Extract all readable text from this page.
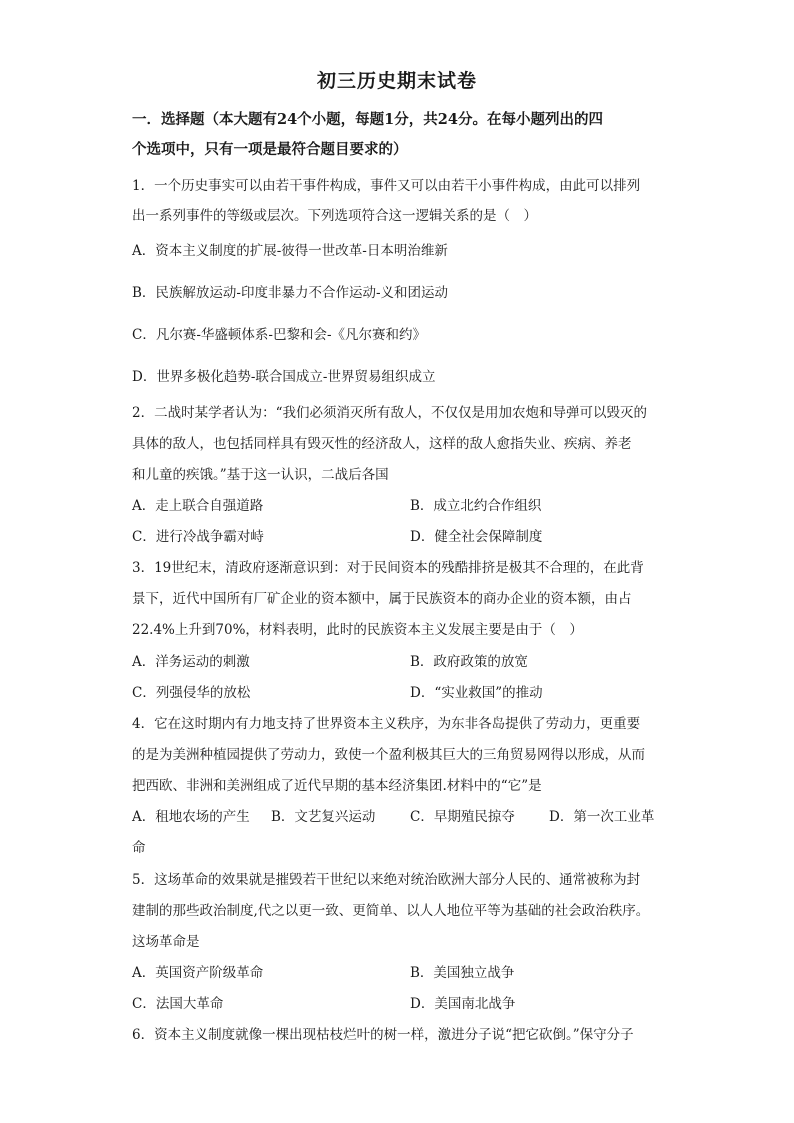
初三历史期末试卷
一．选择题（本大题有24个小题，每题1分，共24分。在每小题列出的四
个选项中，只有一项是最符合题目要求的）
1．一个历史事实可以由若干事件构成，事件又可以由若干小事件构成，由此可以排列
出一系列事件的等级或层次。下列选项符合这一逻辑关系的是（　）
A．资本主义制度的扩展-彼得一世改革-日本明治维新
B．民族解放运动-印度非暴力不合作运动-义和团运动
C．凡尔赛-华盛顿体系-巴黎和会-《凡尔赛和约》
D．世界多极化趋势-联合国成立-世界贸易组织成立
2．二战时某学者认为：“我们必须消灭所有敌人，不仅仅是用加农炮和导弹可以毁灭的
具体的敌人，也包括同样具有毁灭性的经济敌人，这样的敌人愈指失业、疾病、养老
和儿童的疾饿。”基于这一认识，二战后各国
A．走上联合自强道路	B．成立北约合作组织
C．进行冷战争霸对峙	D．健全社会保障制度
3．19世纪末，清政府逐渐意识到：对于民间资本的残酷排挤是极其不合理的，在此背
景下，近代中国所有厂矿企业的资本额中，属于民族资本的商办企业的资本额，由占
22.4%上升到70%，材料表明，此时的民族资本主义发展主要是由于（　）
A．洋务运动的刺激	B．政府政策的放宽
C．列强侵华的放松	D．“实业救国”的推动
4．它在这时期内有力地支持了世界资本主义秩序，为东非各岛提供了劳动力，更重要
的是为美洲种植园提供了劳动力，致使一个盈利极其巨大的三角贸易网得以形成，从而
把西欧、非洲和美洲组成了近代早期的基本经济集团.材料中的“它”是
A．租地农场的产生 B．文艺复兴运动	C．早期殖民掠夺	D．第一次工业革
命
5．这场革命的效果就是摧毁若干世纪以来绝对统治欧洲大部分人民的、通常被称为封
建制的那些政治制度,代之以更一致、更简单、以人人地位平等为基础的社会政治秩序。
这场革命是
A．英国资产阶级革命	B．美国独立战争
C．法国大革命	D．美国南北战争
6．资本主义制度就像一棵出现枯枝烂叶的树一样，激进分子说“把它砍倒。”保守分子
